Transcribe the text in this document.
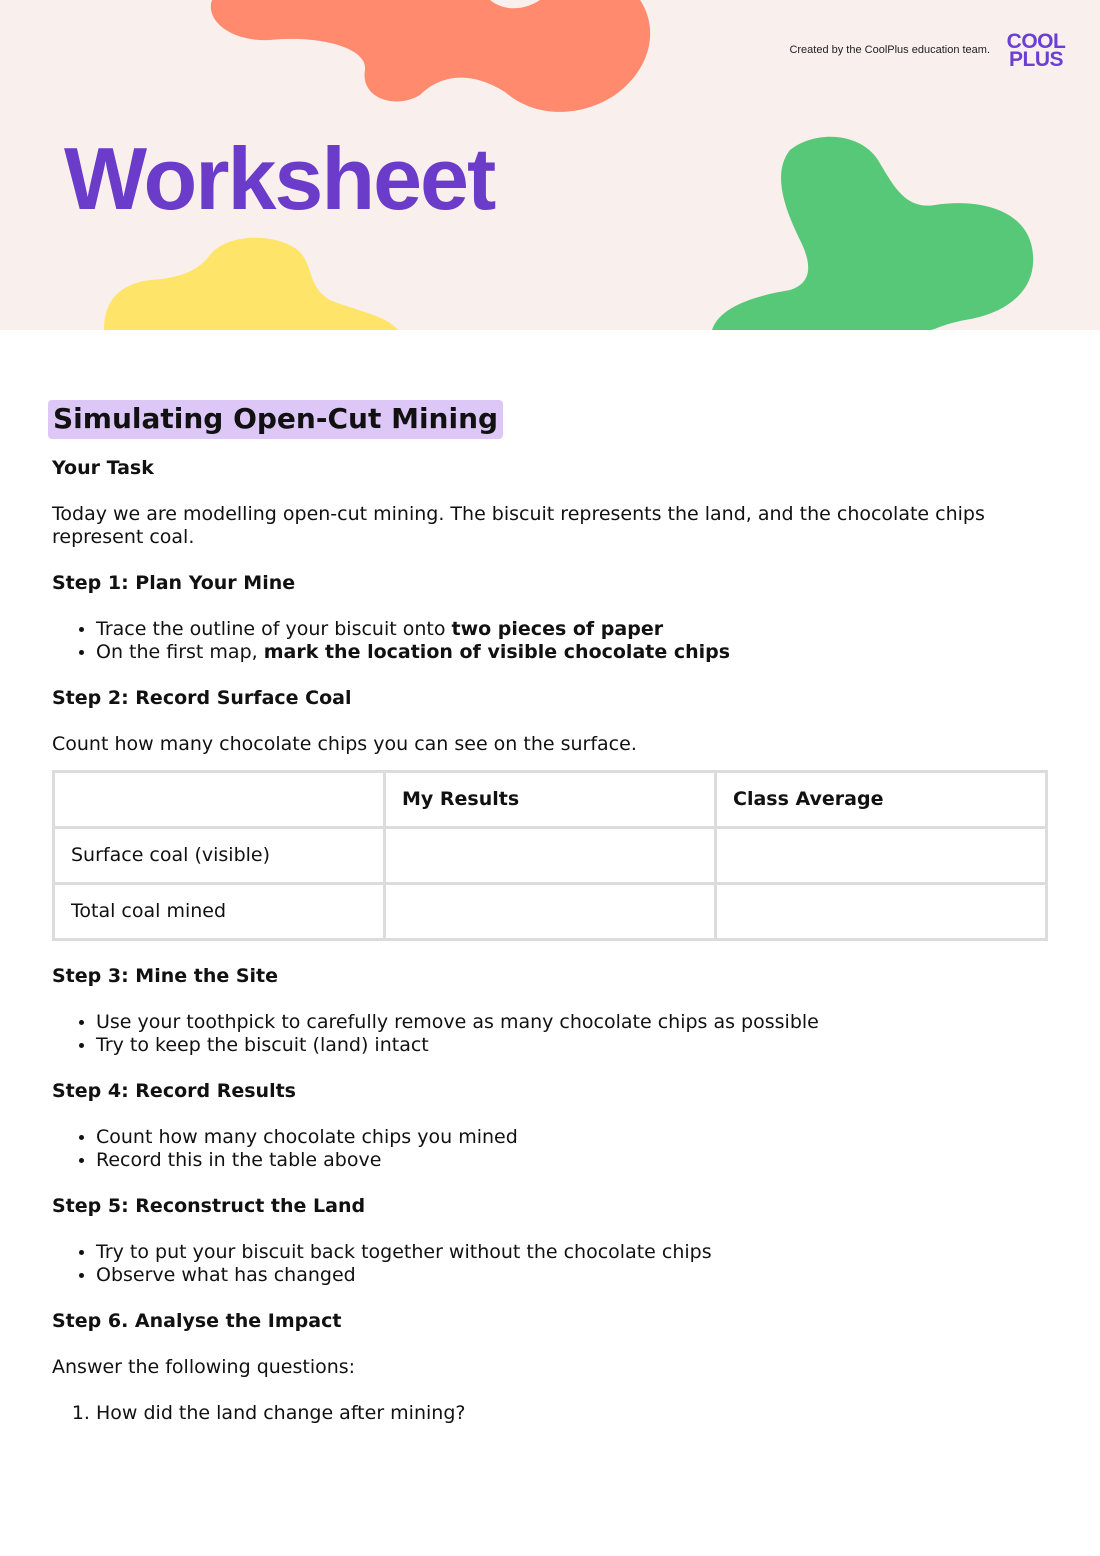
Created by the CoolPlus education team. COOL
PLUS
Worksheet
Simulating Open-Cut Mining
Your Task

Today we are modelling open-cut mining. The biscuit represents the land, and the chocolate chips represent coal.

Step 1: Plan Your Mine
• Trace the outline of your biscuit onto two pieces of paper
• On the first map, mark the location of visible chocolate chips
Step 2: Record Surface Coal

Count how many chocolate chips you can see on the surface.

	My Results	Class Average
Surface coal (visible)		
Total coal mined		
Step 3: Mine the Site
• Use your toothpick to carefully remove as many chocolate chips as possible
• Try to keep the biscuit (land) intact
Step 4: Record Results
• Count how many chocolate chips you mined
• Record this in the table above
Step 5: Reconstruct the Land
• Try to put your biscuit back together without the chocolate chips
• Observe what has changed
Step 6. Analyse the Impact

Answer the following questions:

1. How did the land change after mining?
